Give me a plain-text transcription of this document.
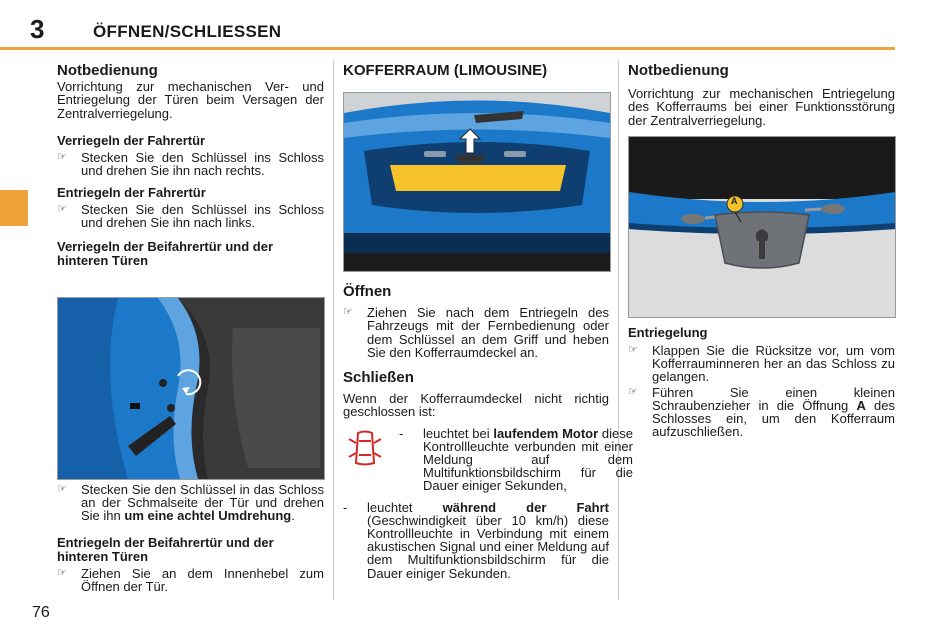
3	ÖFFNEN/SCHLIESSEN
Notbedienung

Vorrichtung zur mechanischen Ver- und Entriegelung der Türen beim Versagen der Zentralverriegelung.

Verriegeln der Fahrertür
☞ Stecken Sie den Schlüssel ins Schloss und drehen Sie ihn nach rechts.
Entriegeln der Fahrertür
☞ Stecken Sie den Schlüssel ins Schloss und drehen Sie ihn nach links.
Verriegeln der Beifahrertür und der hinteren Türen
☞ Stecken Sie den Schlüssel in das Schloss an der Schmalseite der Tür und drehen Sie ihn um eine achtel Umdrehung.
Entriegeln der Beifahrertür und der hinteren Türen
☞ Ziehen Sie an dem Innenhebel zum Öffnen der Tür.
KOFFERRAUM (LIMOUSINE)
Öffnen
☞ Ziehen Sie nach dem Entriegeln des Fahrzeugs mit der Fernbedienung oder dem Schlüssel an dem Griff und heben Sie den Kofferraumdeckel an.
Schließen

Wenn der Kofferraumdeckel nicht richtig geschlossen ist:

- leuchtet bei laufendem Motor diese Kontrollleuchte verbunden mit einer Meldung auf dem Multifunktionsbildschirm für die Dauer einiger Sekunden,
- leuchtet während der Fahrt (Geschwindigkeit über 10 km/h) diese Kontrollleuchte in Verbindung mit einem akustischen Signal und einer Meldung auf dem Multifunktionsbildschirm für die Dauer einiger Sekunden.
Notbedienung

Vorrichtung zur mechanischen Entriegelung des Kofferraums bei einer Funktionsstörung der Zentralverriegelung.

A
Entriegelung
☞ Klappen Sie die Rücksitze vor, um vom Kofferrauminneren her an das Schloss zu gelangen.
☞ Führen Sie einen kleinen Schraubenzieher in die Öffnung A des Schlosses ein, um den Kofferraum aufzuschließen.
76
